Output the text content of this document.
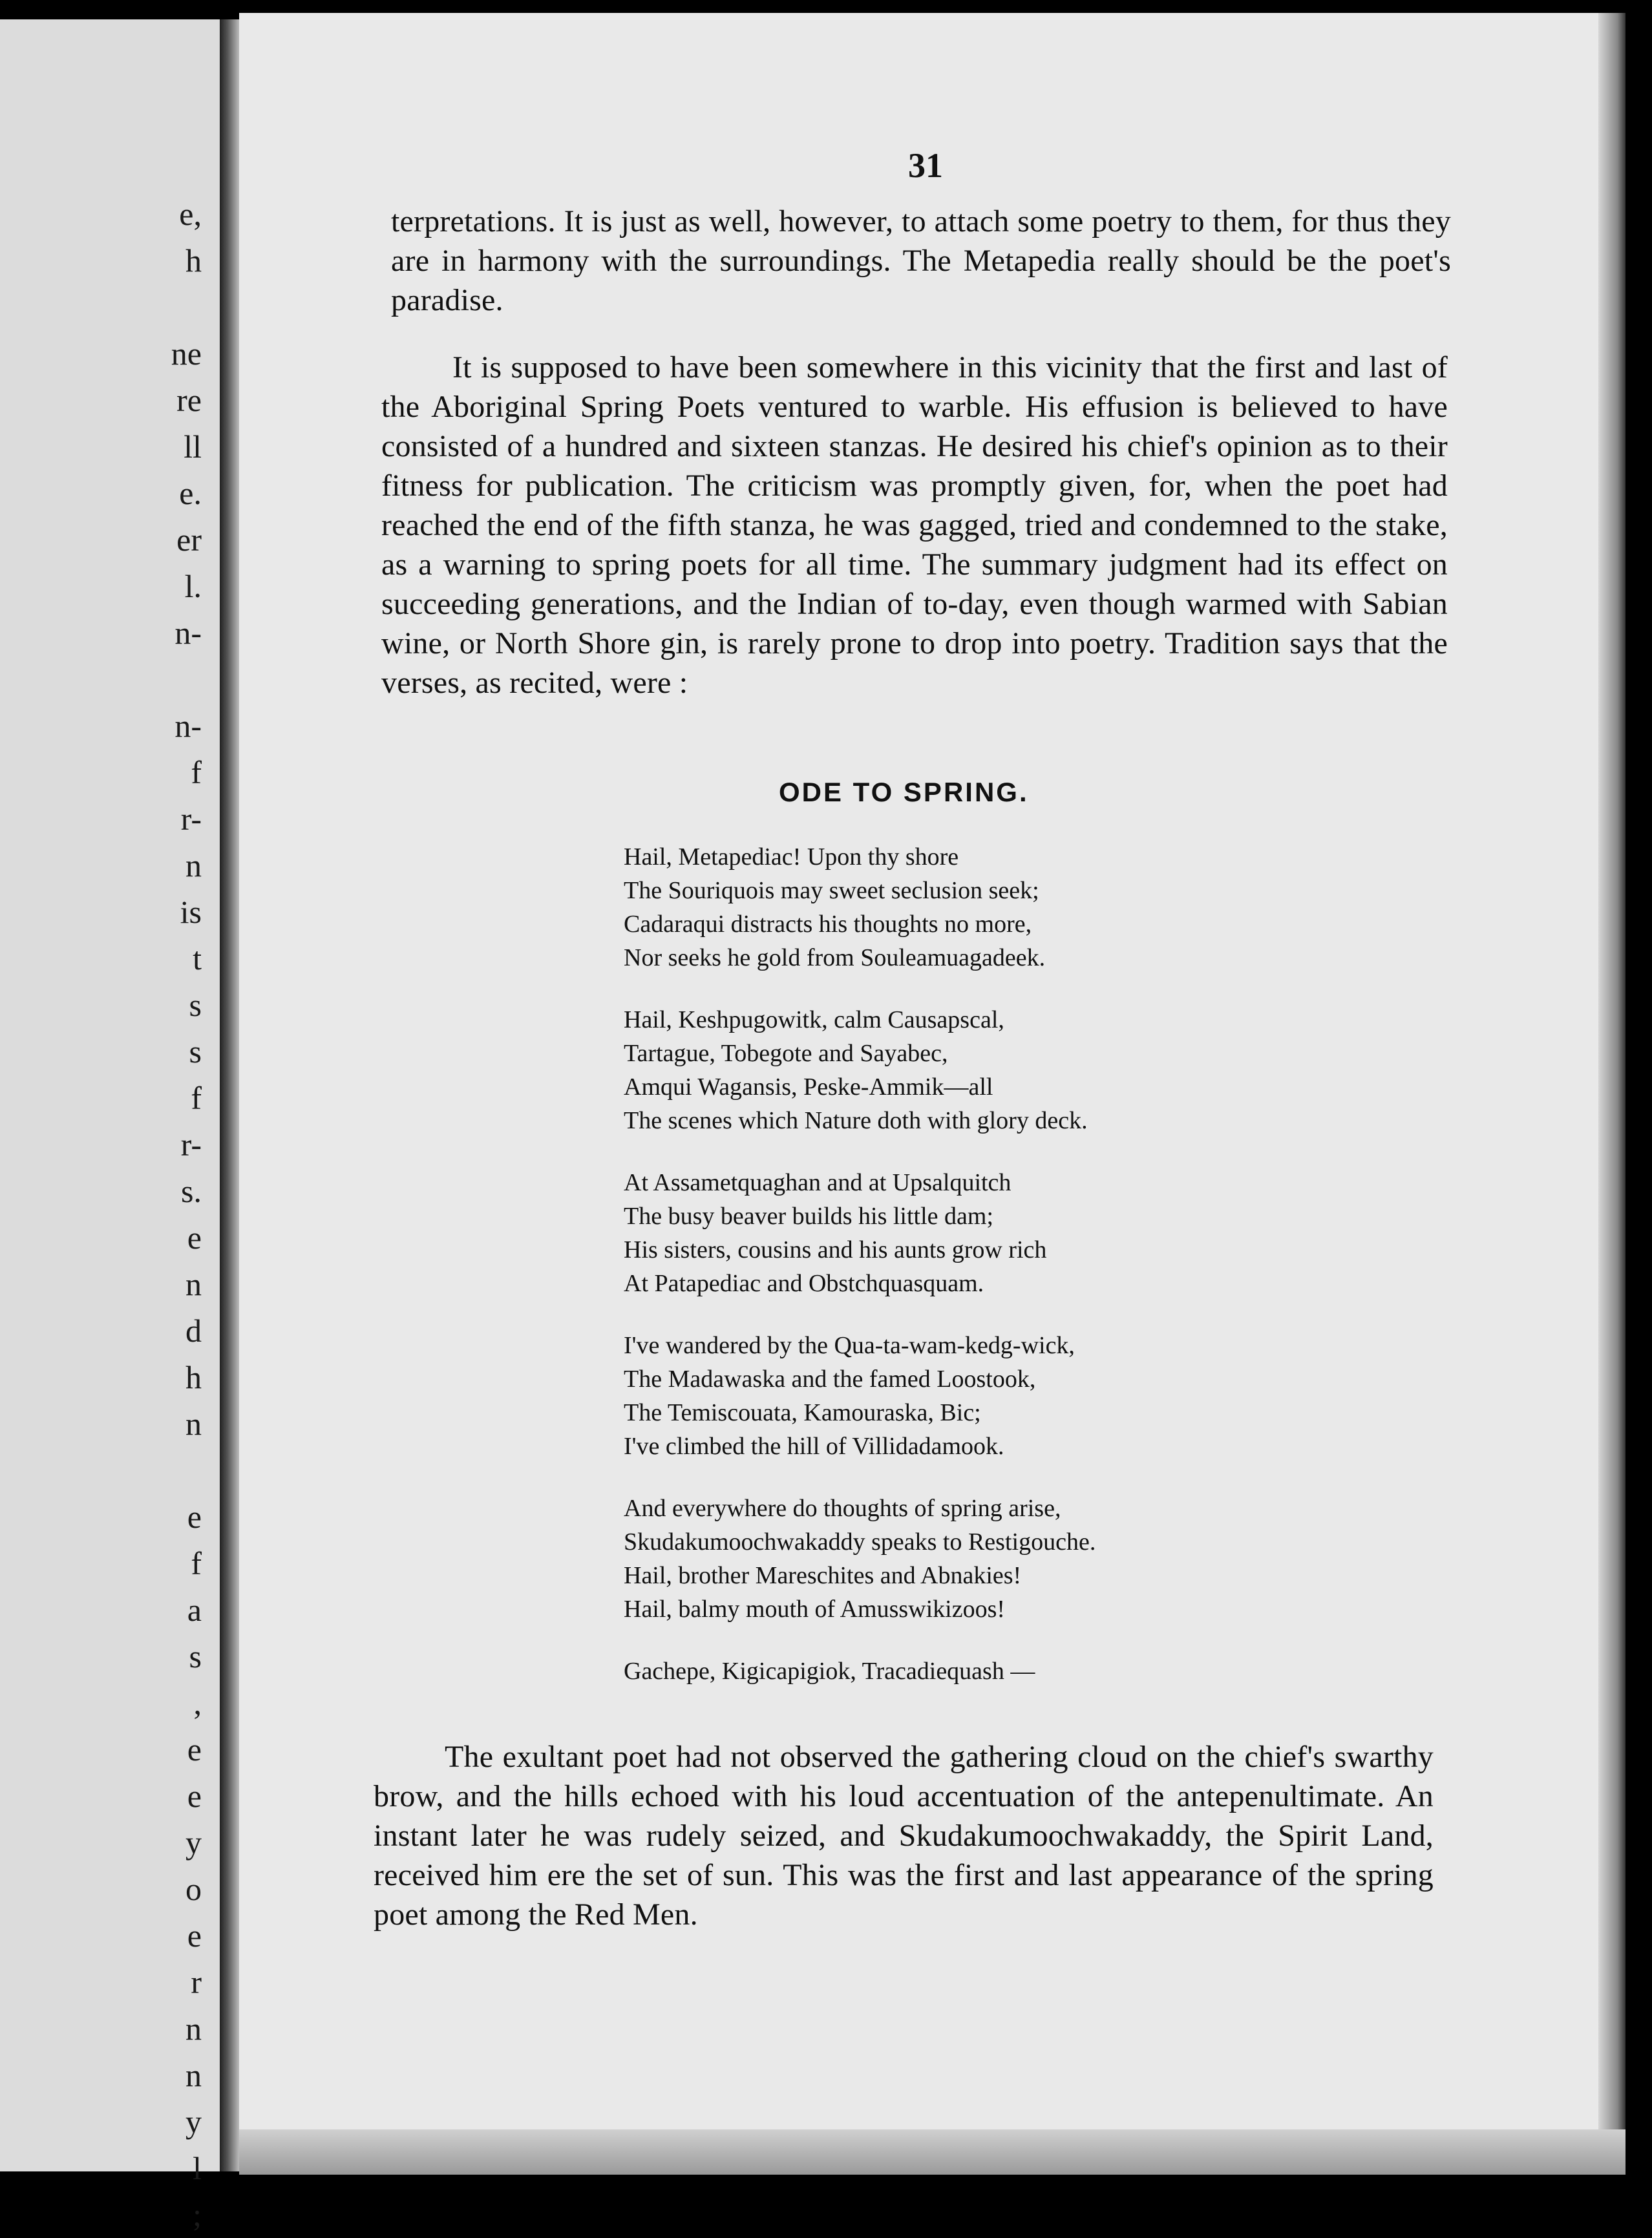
e,
h
ne
re
ll
e.
er
l.
n-
n-
f
r-
n
is
t
s
s
f
r-
s.
e
n
d
h
n
e
f
a
s
,
e
e
y
o
e
r
n
n
y
l
;
31

terpretations. It is just as well, however, to attach some poetry to them, for thus they are in harmony with the surroundings. The Metapedia really should be the poet's paradise.

It is supposed to have been somewhere in this vicinity that the first and last of the Aboriginal Spring Poets ventured to warble. His effusion is believed to have consisted of a hundred and sixteen stanzas. He desired his chief's opinion as to their fitness for publication. The criticism was promptly given, for, when the poet had reached the end of the fifth stanza, he was gagged, tried and condemned to the stake, as a warning to spring poets for all time. The summary judgment had its effect on succeeding generations, and the Indian of to-day, even though warmed with Sabian wine, or North Shore gin, is rarely prone to drop into poetry. Tradition says that the verses, as recited, were :

ODE TO SPRING.
Hail, Metapediac! Upon thy shore
The Souriquois may sweet seclusion seek;
Cadaraqui distracts his thoughts no more,
Nor seeks he gold from Souleamuagadeek.
Hail, Keshpugowitk, calm Causapscal,
Tartague, Tobegote and Sayabec,
Amqui Wagansis, Peske-Ammik—all
The scenes which Nature doth with glory deck.
At Assametquaghan and at Upsalquitch
The busy beaver builds his little dam;
His sisters, cousins and his aunts grow rich
At Patapediac and Obstchquasquam.
I've wandered by the Qua-ta-wam-kedg-wick,
The Madawaska and the famed Loostook,
The Temiscouata, Kamouraska, Bic;
I've climbed the hill of Villidadamook.
And everywhere do thoughts of spring arise,
Skudakumoochwakaddy speaks to Restigouche.
Hail, brother Mareschites and Abnakies!
Hail, balmy mouth of Amusswikizoos!
Gachepe, Kigicapigiok, Tracadiequash —

The exultant poet had not observed the gathering cloud on the chief's swarthy brow, and the hills echoed with his loud accentuation of the antepenultimate. An instant later he was rudely seized, and Skudakumoochwakaddy, the Spirit Land, received him ere the set of sun. This was the first and last appearance of the spring poet among the Red Men.
